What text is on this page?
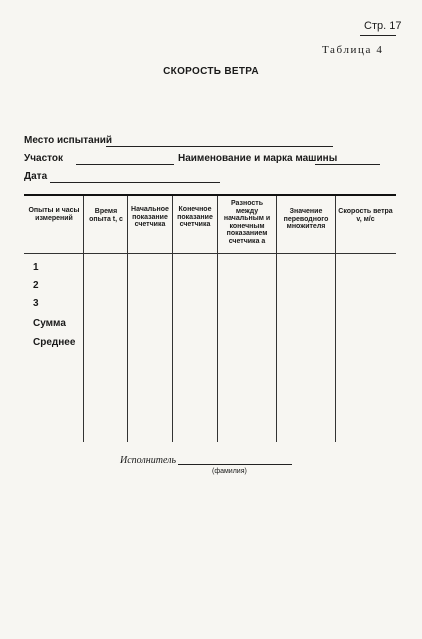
Стр. 17
Таблица 4
СКОРОСТЬ ВЕТРА
Место испытаний
Участок	Наименование и марка машины
Дата
Опыты и часы измерений
Время опыта t, с
Начальное показание счетчика
Конечное показание счетчика
Разность между начальным и конечным показанием счетчика a
Значение переводного множителя
Скорость ветра v, м/с
1
2
3
Сумма
Среднее
Исполнитель
(фамилия)
